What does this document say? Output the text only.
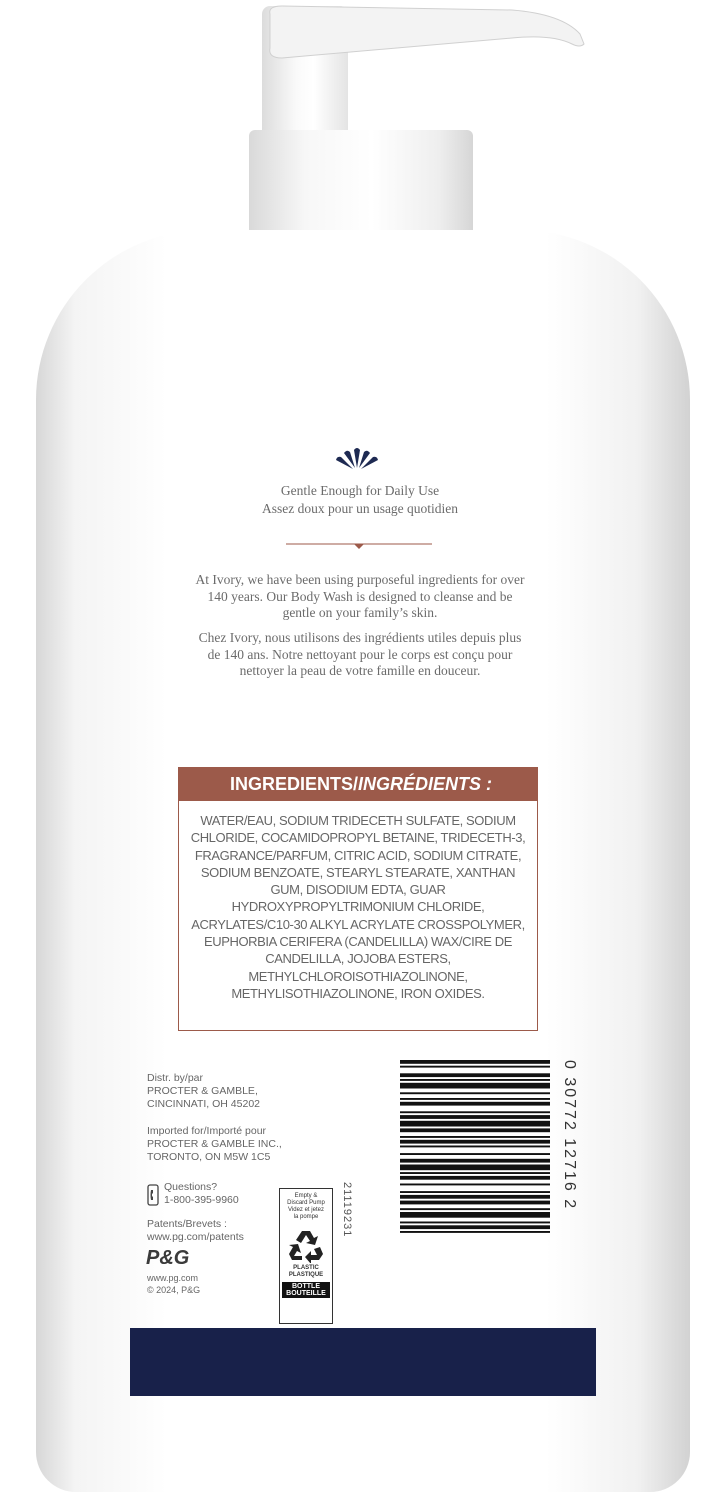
Gentle Enough for Daily Use
Assez doux pour un usage quotidien
At Ivory, we have been using purposeful ingredients for over 140 years. Our Body Wash is designed to cleanse and be gentle on your family’s skin.
Chez Ivory, nous utilisons des ingrédients utiles depuis plus de 140 ans. Notre nettoyant pour le corps est conçu pour nettoyer la peau de votre famille en douceur.
INGREDIENTS/INGRÉDIENTS :
WATER/EAU, SODIUM TRIDECETH SULFATE, SODIUM CHLORIDE, COCAMIDOPROPYL BETAINE, TRIDECETH-3, FRAGRANCE/PARFUM, CITRIC ACID, SODIUM CITRATE, SODIUM BENZOATE, STEARYL STEARATE, XANTHAN GUM, DISODIUM EDTA, GUAR HYDROXYPROPYLTRIMONIUM CHLORIDE, ACRYLATES/C10-30 ALKYL ACRYLATE CROSSPOLYMER, EUPHORBIA CERIFERA (CANDELILLA) WAX/CIRE DE CANDELILLA, JOJOBA ESTERS, METHYLCHLOROISOTHIAZOLINONE, METHYLISOTHIAZOLINONE, IRON OXIDES.
Distr. by/par
PROCTER & GAMBLE,
CINCINNATI, OH 45202
Imported for/Importé pour
PROCTER & GAMBLE INC.,
TORONTO, ON M5W 1C5
Questions?
1-800-395-9960
Patents/Brevets :
www.pg.com/patents
P&G
www.pg.com
© 2024, P&G
Empty &
Discard Pump
Videz et jetez
la pompe
PLASTIC
PLASTIQUE
BOTTLE
BOUTEILLE
21119231	0 30772 12716 2
